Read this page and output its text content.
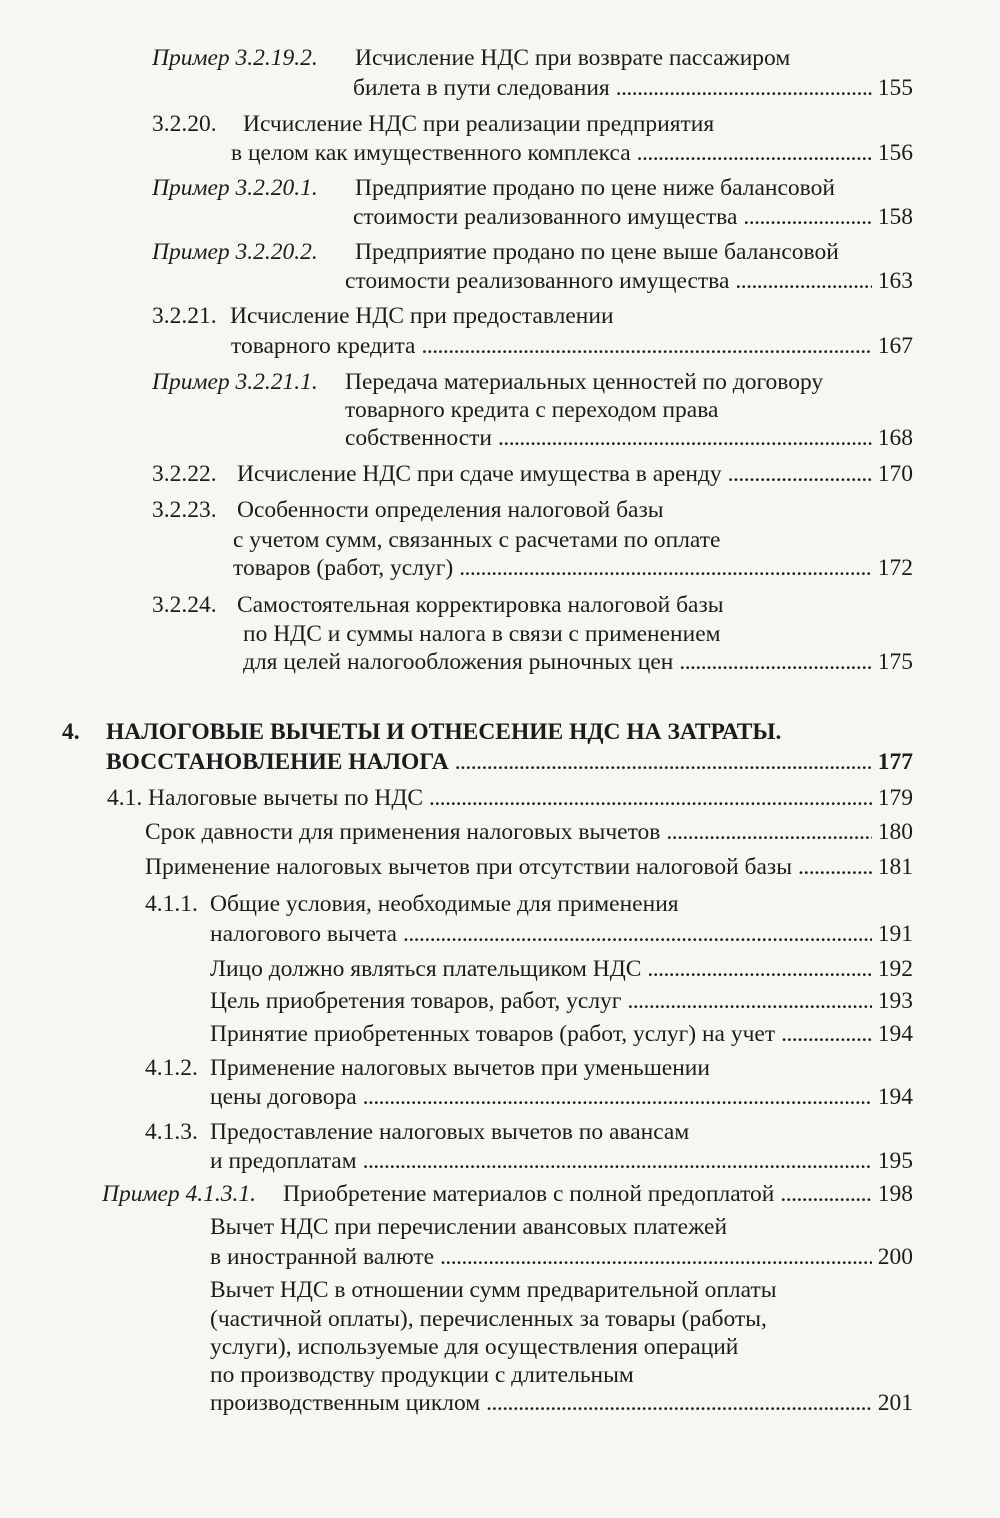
Пример 3.2.19.2. Исчисление НДС при возврате пассажиром
билета в пути следования . . .	155
3.2.20. Исчисление НДС при реализации предприятия
в целом как имущественного комплекса . . .	156
Пример 3.2.20.1. Предприятие продано по цене ниже балансовой
стоимости реализованного имущества . . .	158
Пример 3.2.20.2. Предприятие продано по цене выше балансовой
стоимости реализованного имущества . . .	163
3.2.21. Исчисление НДС при предоставлении
товарного кредита . . .	167
Пример 3.2.21.1. Передача материальных ценностей по договору
товарного кредита с переходом права
собственности . . .	168
3.2.22. Исчисление НДС при сдаче имущества в аренду . . .	170
3.2.23. Особенности определения налоговой базы
с учетом сумм, связанных с расчетами по оплате
товаров (работ, услуг) . . .	172
3.2.24. Самостоятельная корректировка налоговой базы
по НДС и суммы налога в связи с применением
для целей налогообложения рыночных цен . . .	175
4. НАЛОГОВЫЕ ВЫЧЕТЫ И ОТНЕСЕНИЕ НДС НА ЗАТРАТЫ.
ВОССТАНОВЛЕНИЕ НАЛОГА . . .	177
4.1. Налоговые вычеты по НДС . . .	179
Срок давности для применения налоговых вычетов . . .	180
Применение налоговых вычетов при отсутствии налоговой базы . . .	181
4.1.1. Общие условия, необходимые для применения
налогового вычета . . .	191
Лицо должно являться плательщиком НДС . . .	192
Цель приобретения товаров, работ, услуг . . .	193
Принятие приобретенных товаров (работ, услуг) на учет . . .	194
4.1.2. Применение налоговых вычетов при уменьшении
цены договора . . .	194
4.1.3. Предоставление налоговых вычетов по авансам
и предоплатам . . .	195
Пример 4.1.3.1. Приобретение материалов с полной предоплатой . . .	198
Вычет НДС при перечислении авансовых платежей
в иностранной валюте . . .	200
Вычет НДС в отношении сумм предварительной оплаты
(частичной оплаты), перечисленных за товары (работы,
услуги), используемые для осуществления операций
по производству продукции с длительным
производственным циклом . . .	201
